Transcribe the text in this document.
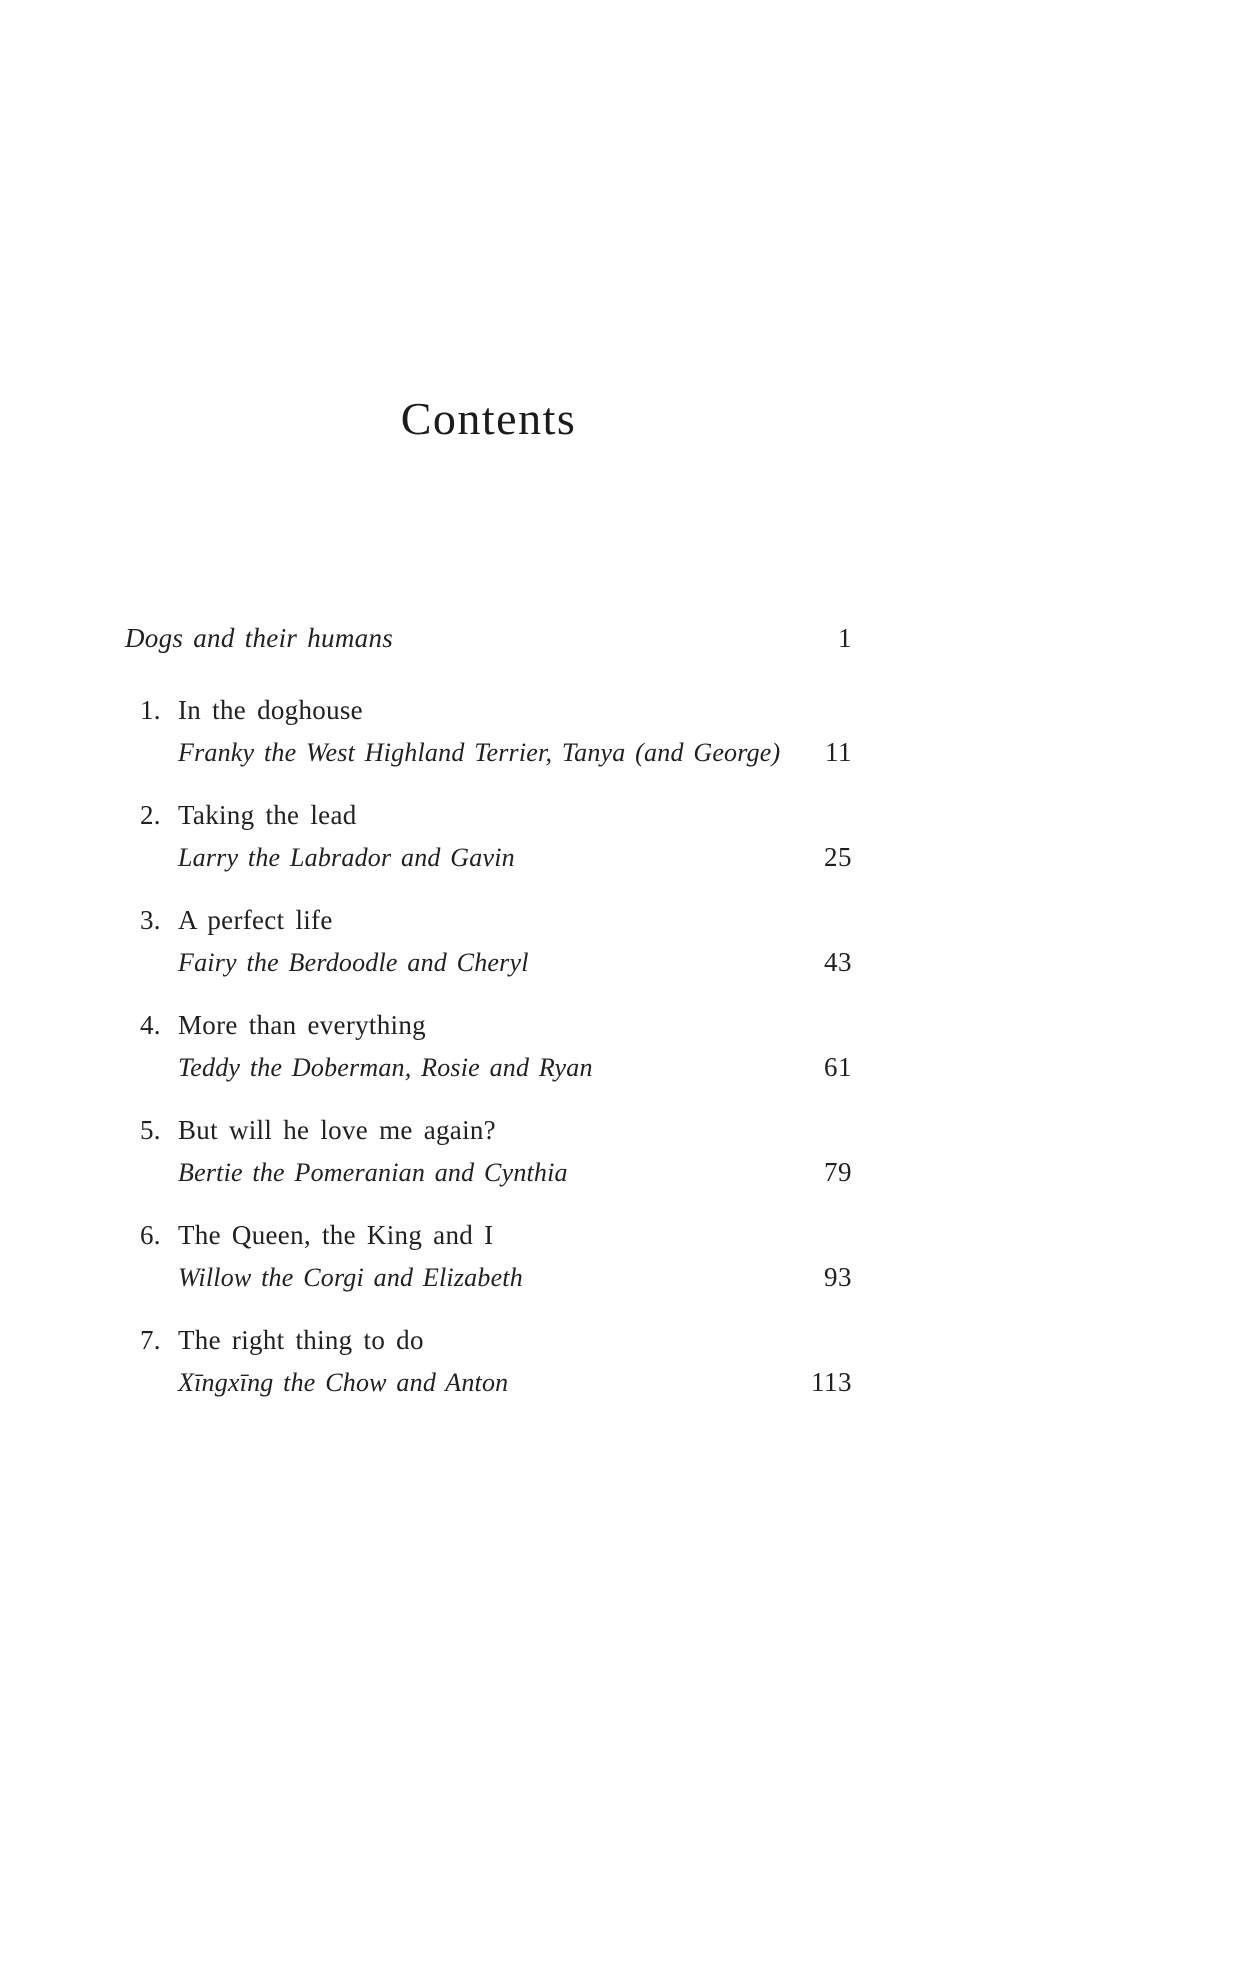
Contents
Dogs and their humans	1
1. In the doghouse
Franky the West Highland Terrier, Tanya (and George)	11
2. Taking the lead
Larry the Labrador and Gavin	25
3. A perfect life
Fairy the Berdoodle and Cheryl	43
4. More than everything
Teddy the Doberman, Rosie and Ryan	61
5. But will he love me again?
Bertie the Pomeranian and Cynthia	79
6. The Queen, the King and I
Willow the Corgi and Elizabeth	93
7. The right thing to do
Xīngxīng the Chow and Anton	113
